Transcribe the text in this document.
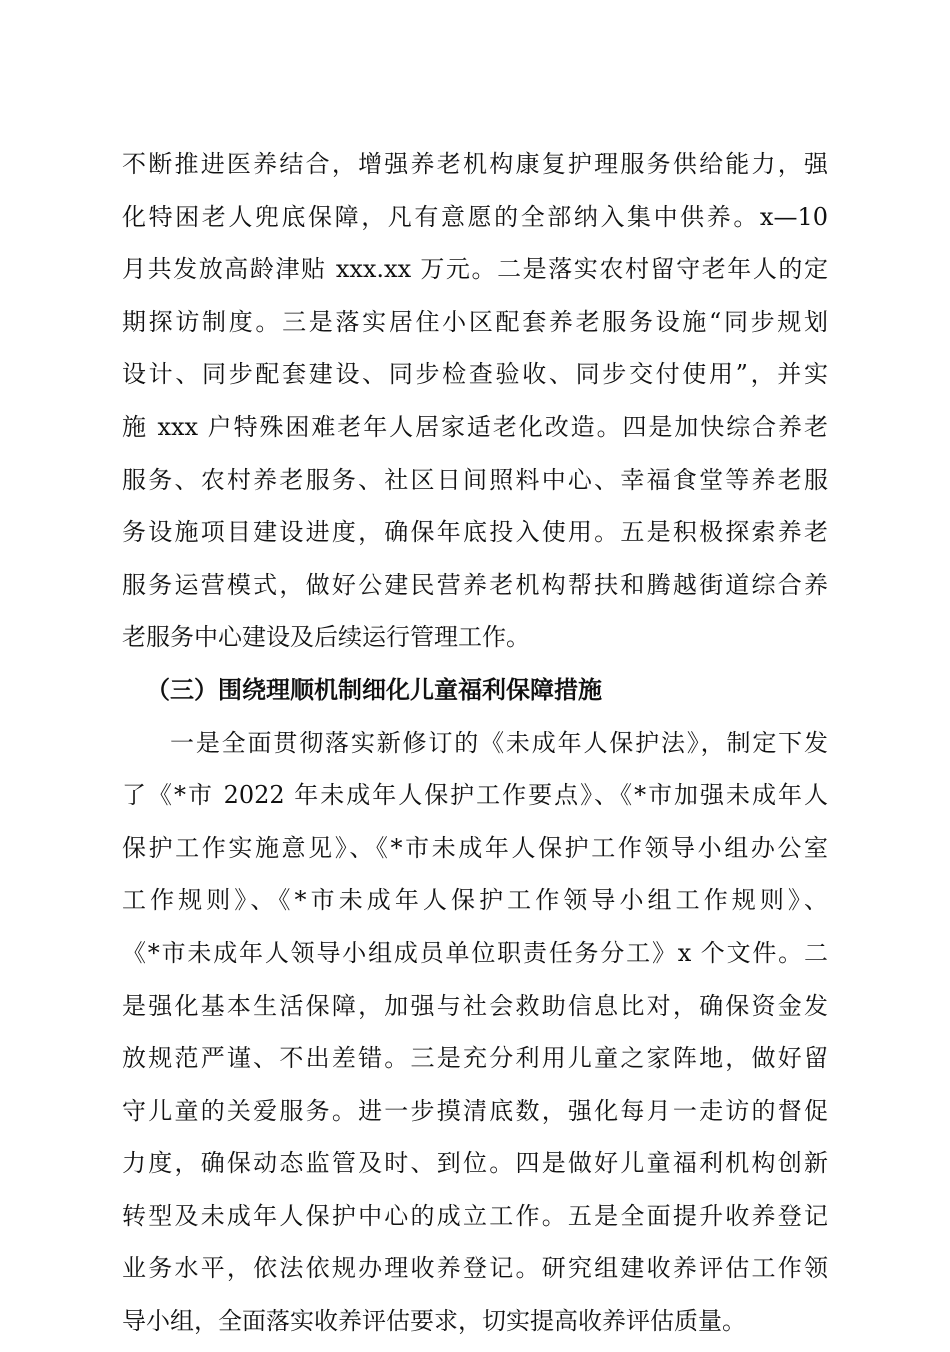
不断推进医养结合，增强养老机构康复护理服务供给能力，强
化特困老人兜底保障，凡有意愿的全部纳入集中供养。x—10
月共发放高龄津贴 xxx.xx 万元。二是落实农村留守老年人的定
期探访制度。三是落实居住小区配套养老服务设施“同步规划
设计、同步配套建设、同步检查验收、同步交付使用”，并实
施 xxx 户特殊困难老年人居家适老化改造。四是加快综合养老
服务、农村养老服务、社区日间照料中心、幸福食堂等养老服
务设施项目建设进度，确保年底投入使用。五是积极探索养老
服务运营模式，做好公建民营养老机构帮扶和腾越街道综合养
老服务中心建设及后续运行管理工作。
（三）围绕理顺机制细化儿童福利保障措施
一是全面贯彻落实新修订的《未成年人保护法》，制定下发
了《*市 2022 年未成年人保护工作要点》、《*市加强未成年人
保护工作实施意见》、《*市未成年人保护工作领导小组办公室
工作规则》、《*市未成年人保护工作领导小组工作规则》、
《*市未成年人领导小组成员单位职责任务分工》x 个文件。二
是强化基本生活保障，加强与社会救助信息比对，确保资金发
放规范严谨、不出差错。三是充分利用儿童之家阵地，做好留
守儿童的关爱服务。进一步摸清底数，强化每月一走访的督促
力度，确保动态监管及时、到位。四是做好儿童福利机构创新
转型及未成年人保护中心的成立工作。五是全面提升收养登记
业务水平，依法依规办理收养登记。研究组建收养评估工作领
导小组，全面落实收养评估要求，切实提高收养评估质量。
